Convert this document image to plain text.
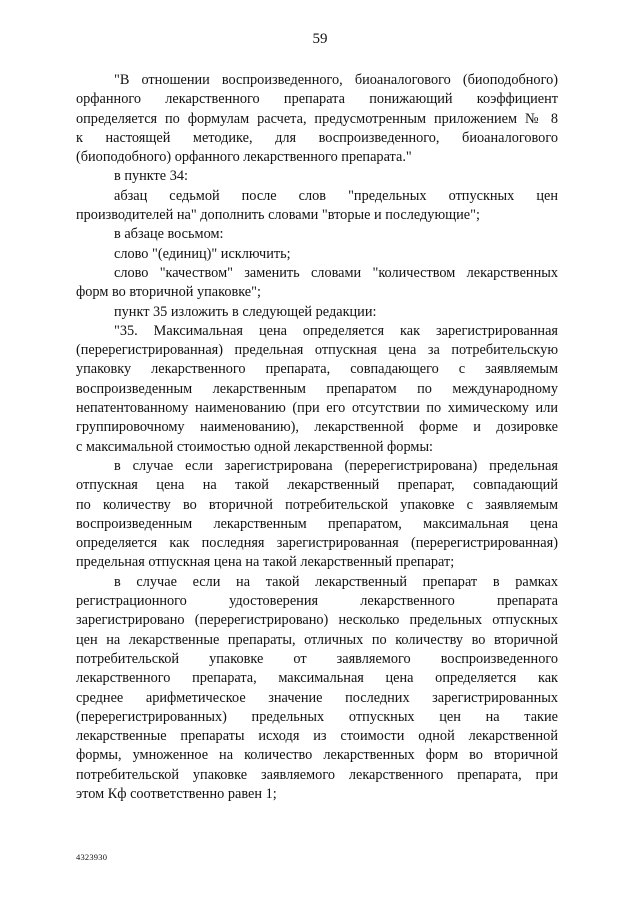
59
"В отношении воспроизведенного, биоаналогового (биоподобного)
орфанного лекарственного препарата понижающий коэффициент
определяется по формулам расчета, предусмотренным приложением № 8
к настоящей методике, для воспроизведенного, биоаналогового
(биоподобного) орфанного лекарственного препарата."
в пункте 34:
абзац седьмой после слов "предельных отпускных цен
производителей на" дополнить словами "вторые и последующие";
в абзаце восьмом:
слово "(единиц)" исключить;
слово "качеством" заменить словами "количеством лекарственных
форм во вторичной упаковке";
пункт 35 изложить в следующей редакции:
"35. Максимальная цена определяется как зарегистрированная
(перерегистрированная) предельная отпускная цена за потребительскую
упаковку лекарственного препарата, совпадающего с заявляемым
воспроизведенным лекарственным препаратом по международному
непатентованному наименованию (при его отсутствии по химическому или
группировочному наименованию), лекарственной форме и дозировке
с максимальной стоимостью одной лекарственной формы:
в случае если зарегистрирована (перерегистрирована) предельная
отпускная цена на такой лекарственный препарат, совпадающий
по количеству во вторичной потребительской упаковке с заявляемым
воспроизведенным лекарственным препаратом, максимальная цена
определяется как последняя зарегистрированная (перерегистрированная)
предельная отпускная цена на такой лекарственный препарат;
в случае если на такой лекарственный препарат в рамках
регистрационного удостоверения лекарственного препарата
зарегистрировано (перерегистрировано) несколько предельных отпускных
цен на лекарственные препараты, отличных по количеству во вторичной
потребительской упаковке от заявляемого воспроизведенного
лекарственного препарата, максимальная цена определяется как
среднее арифметическое значение последних зарегистрированных
(перерегистрированных) предельных отпускных цен на такие
лекарственные препараты исходя из стоимости одной лекарственной
формы, умноженное на количество лекарственных форм во вторичной
потребительской упаковке заявляемого лекарственного препарата, при
этом Кф соответственно равен 1;
4323930
